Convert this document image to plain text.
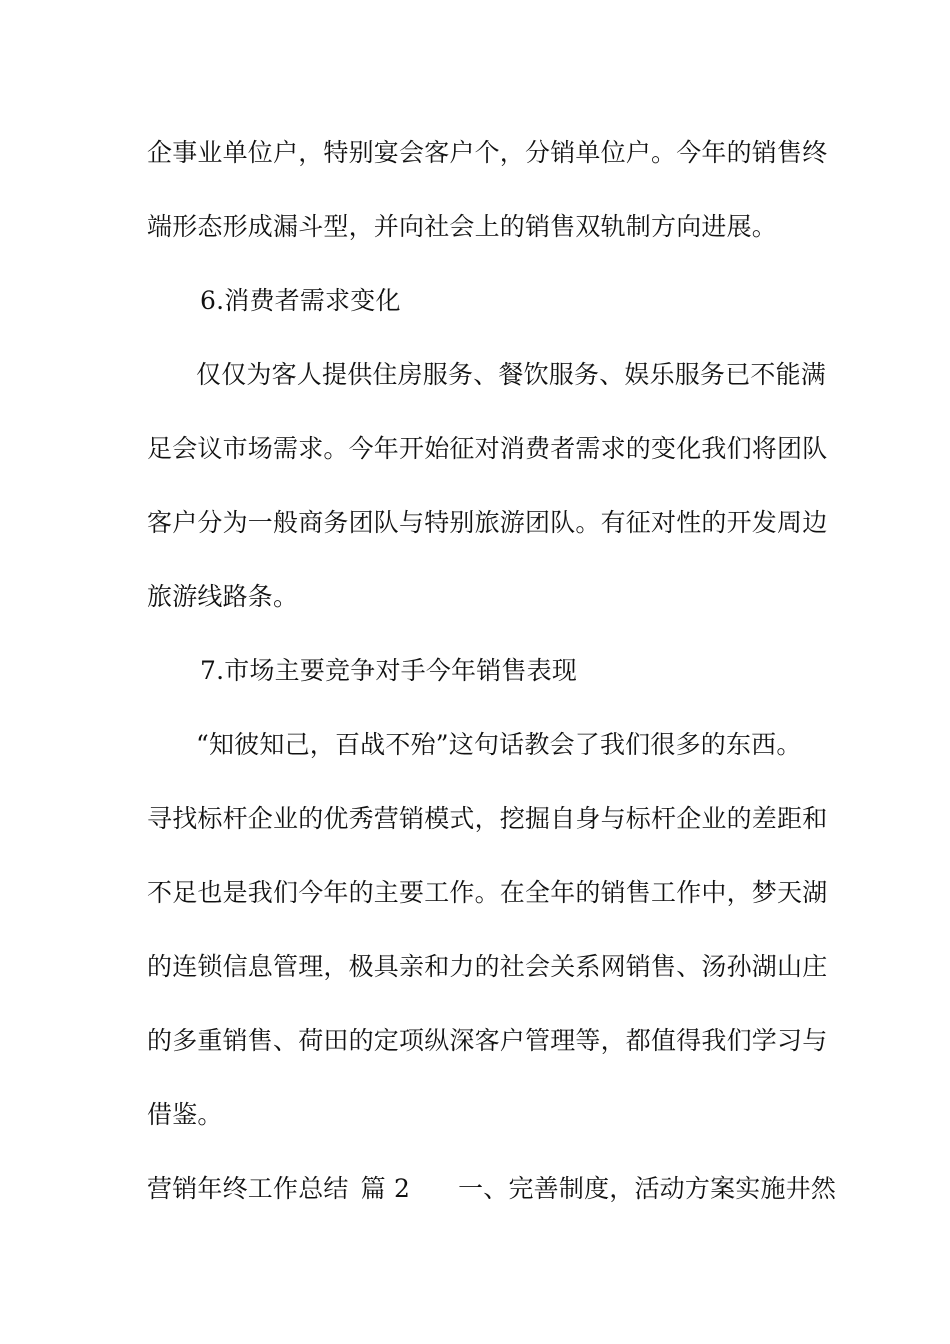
企事业单位户，特别宴会客户个，分销单位户。今年的销售终
端形态形成漏斗型，并向社会上的销售双轨制方向进展。
6.消费者需求变化
仅仅为客人提供住房服务、餐饮服务、娱乐服务已不能满
足会议市场需求。今年开始征对消费者需求的变化我们将团队
客户分为一般商务团队与特别旅游团队。有征对性的开发周边
旅游线路条。
7.市场主要竞争对手今年销售表现
“知彼知己，百战不殆”这句话教会了我们很多的东西。
寻找标杆企业的优秀营销模式，挖掘自身与标杆企业的差距和
不足也是我们今年的主要工作。在全年的销售工作中，梦天湖
的连锁信息管理，极具亲和力的社会关系网销售、汤孙湖山庄
的多重销售、荷田的定项纵深客户管理等，都值得我们学习与
借鉴。
营销年终工作总结 篇 2 一、完善制度，活动方案实施井然
